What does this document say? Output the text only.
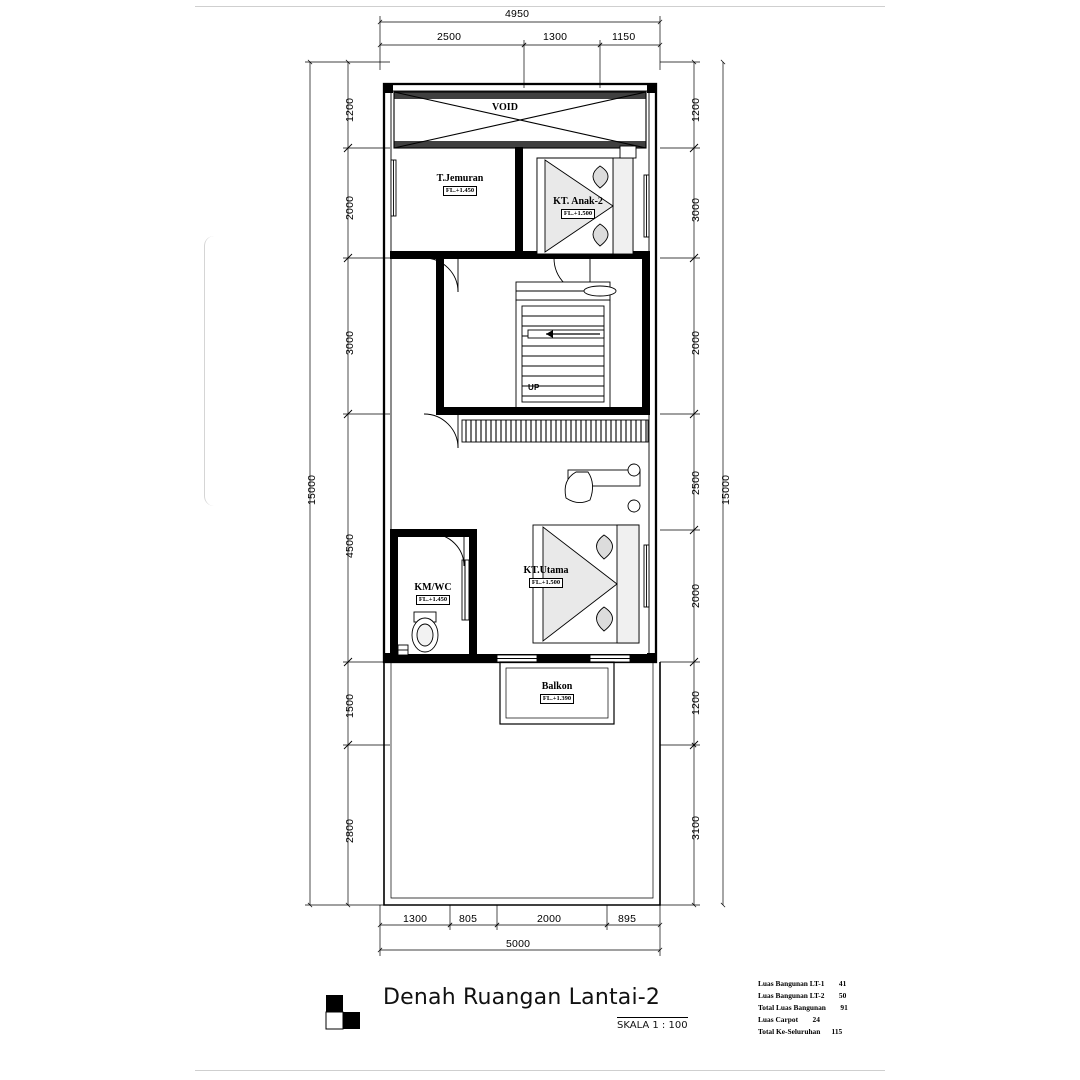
4950
2500	1300	1150
15000
1200
2000
3000
4500
1500
2800
15000
1200
3000
2000
2500
2000
1200
3100
1300	805	2000	895
5000
VOID
T.Jemuran
FL.+1.450
KT. Anak-2
FL.+1.500
KM/WC
FL.+1.450
KT.Utama
FL.+1.500
Balkon
FL.+1.390
UP
Denah Ruangan Lantai-2
SKALA 1 : 100
Luas Bangunan LT-1 41
Luas Bangunan LT-2 50
Total Luas Bangunan 91
Luas Carpot 24
Total Ke-Seluruhan 115
